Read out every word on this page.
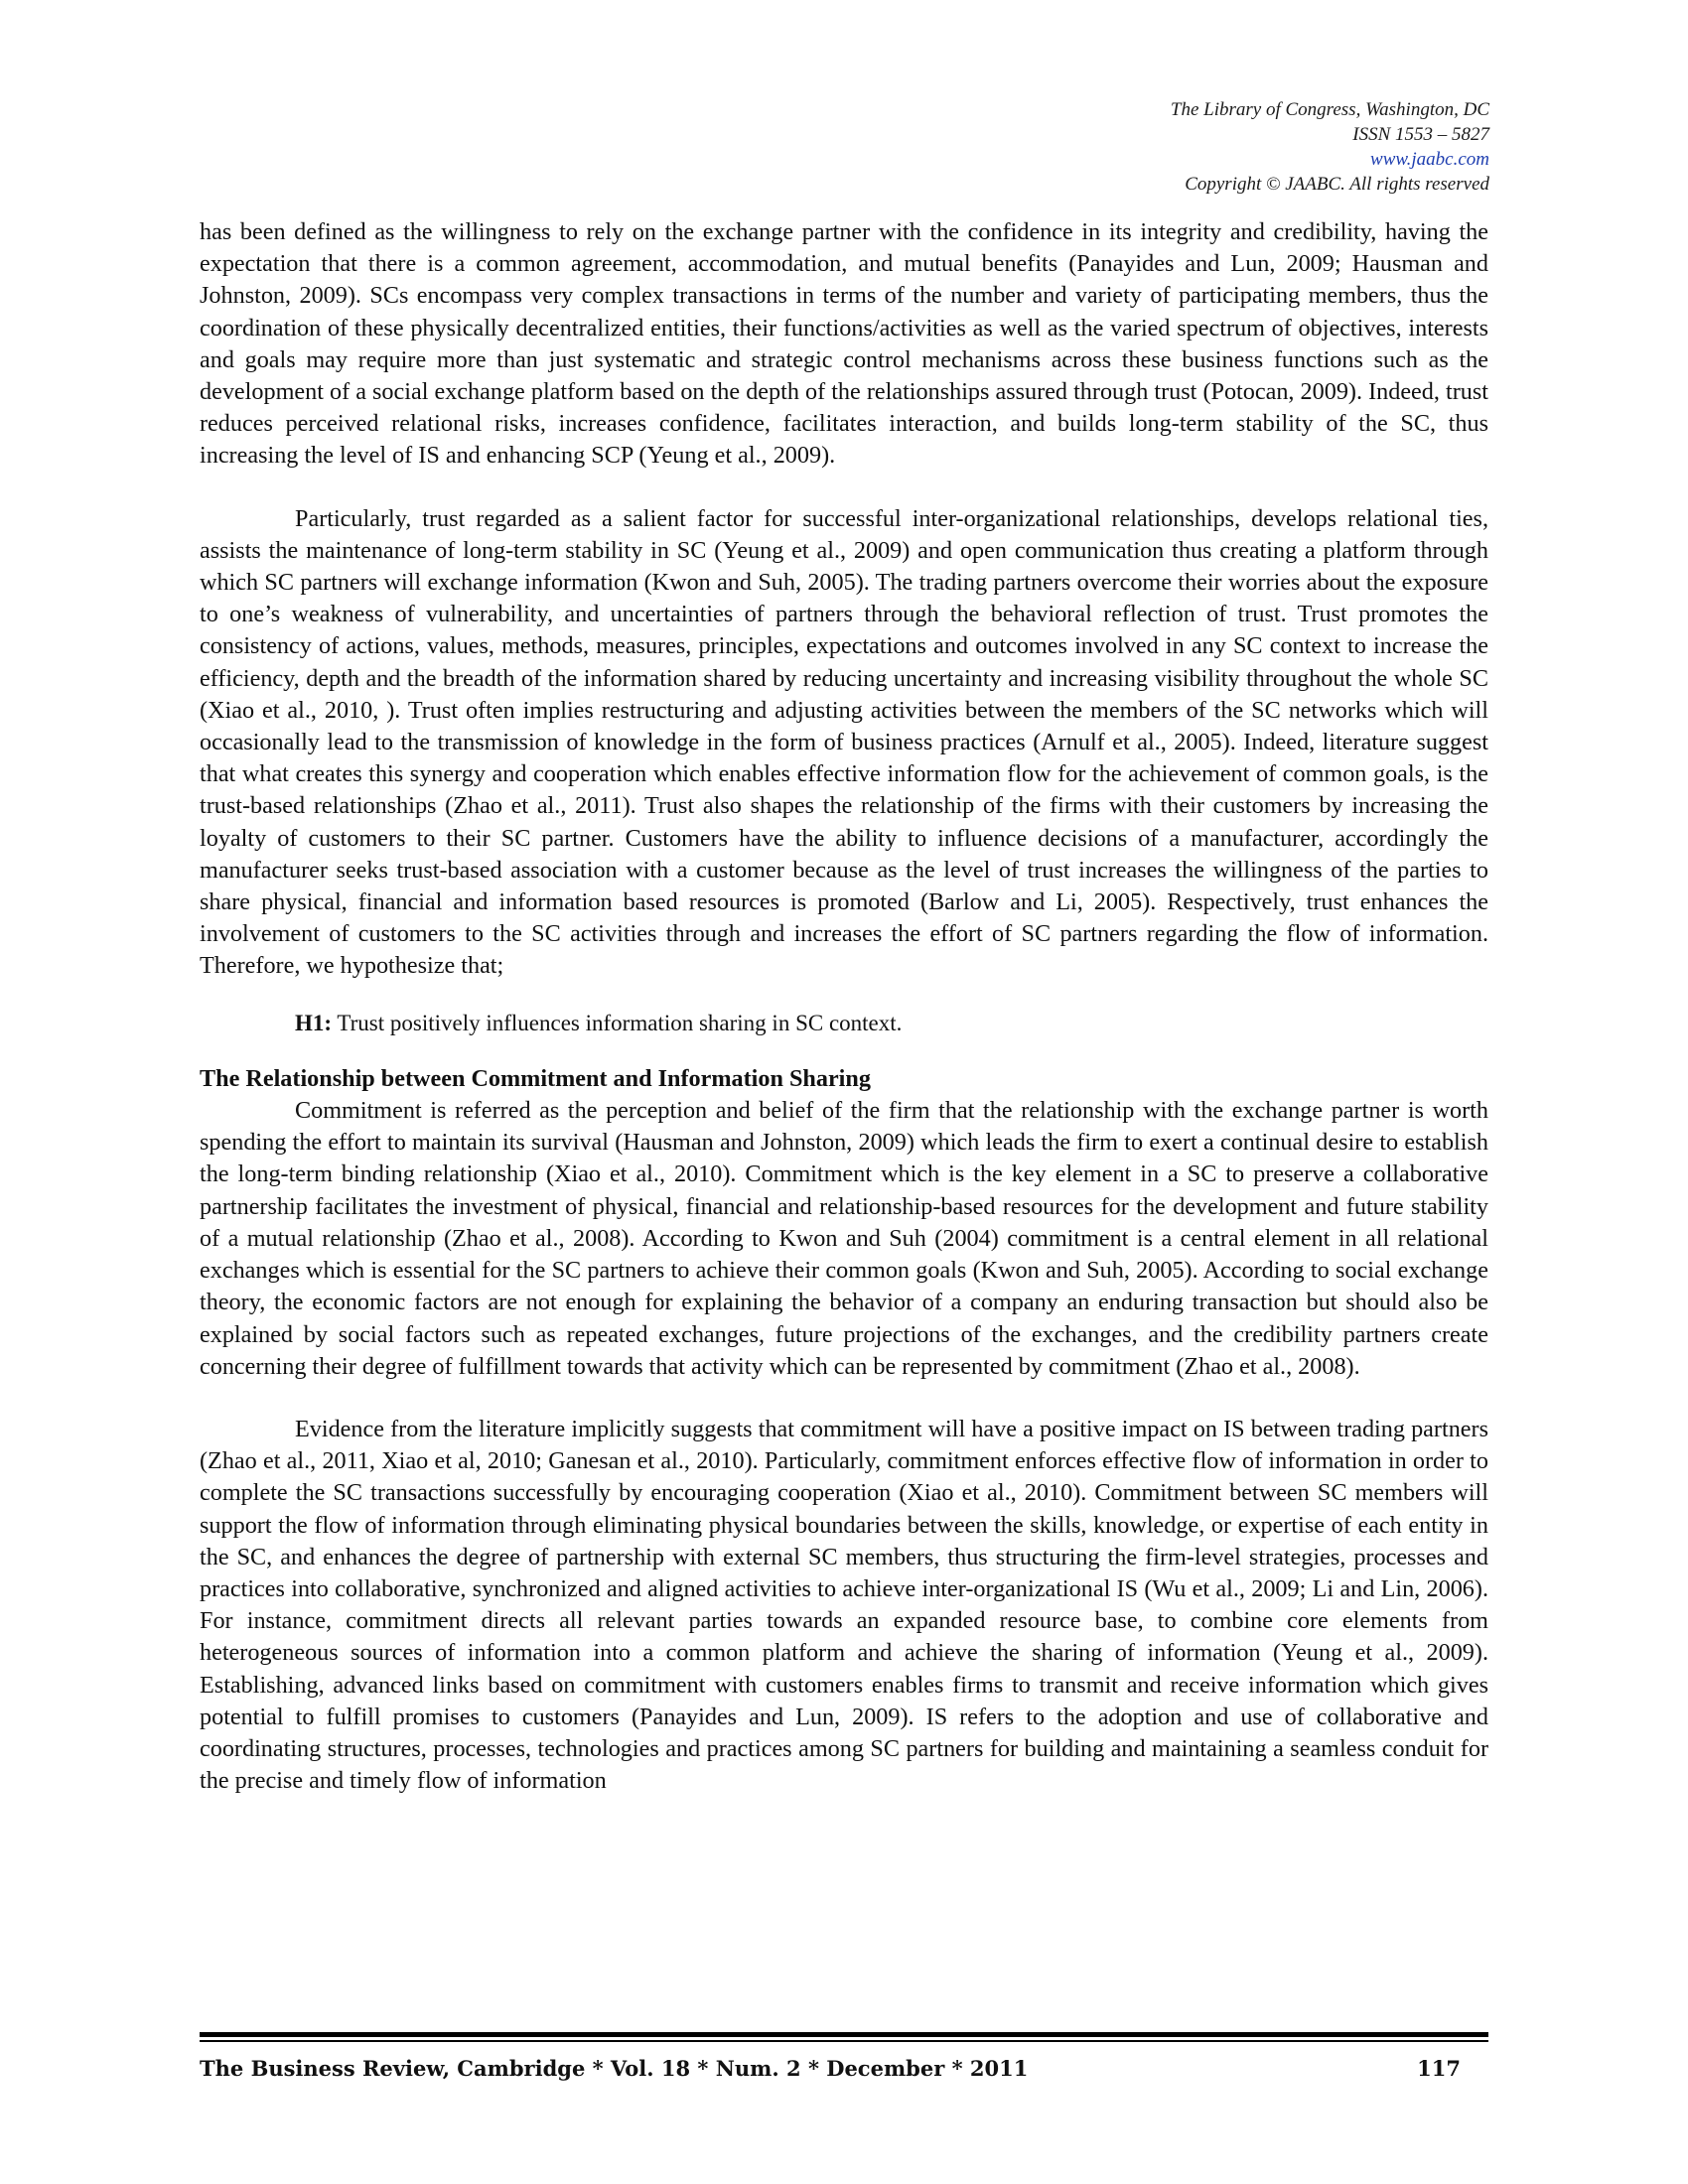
The Library of Congress, Washington, DC
ISSN 1553 – 5827
www.jaabc.com
Copyright © JAABC. All rights reserved

has been defined as the willingness to rely on the exchange partner with the confidence in its integrity and credibility, having the expectation that there is a common agreement, accommodation, and mutual benefits (Panayides and Lun, 2009; Hausman and Johnston, 2009). SCs encompass very complex transactions in terms of the number and variety of participating members, thus the coordination of these physically decentralized entities, their functions/activities as well as the varied spectrum of objectives, interests and goals may require more than just systematic and strategic control mechanisms across these business functions such as the development of a social exchange platform based on the depth of the relationships assured through trust (Potocan, 2009). Indeed, trust reduces perceived relational risks, increases confidence, facilitates interaction, and builds long-term stability of the SC, thus increasing the level of IS and enhancing SCP (Yeung et al., 2009).

Particularly, trust regarded as a salient factor for successful inter-organizational relationships, develops relational ties, assists the maintenance of long-term stability in SC (Yeung et al., 2009) and open communication thus creating a platform through which SC partners will exchange information (Kwon and Suh, 2005). The trading partners overcome their worries about the exposure to one’s weakness of vulnerability, and uncertainties of partners through the behavioral reflection of trust. Trust promotes the consistency of actions, values, methods, measures, principles, expectations and outcomes involved in any SC context to increase the efficiency, depth and the breadth of the information shared by reducing uncertainty and increasing visibility throughout the whole SC (Xiao et al., 2010, ). Trust often implies restructuring and adjusting activities between the members of the SC networks which will occasionally lead to the transmission of knowledge in the form of business practices (Arnulf et al., 2005). Indeed, literature suggest that what creates this synergy and cooperation which enables effective information flow for the achievement of common goals, is the trust-based relationships (Zhao et al., 2011). Trust also shapes the relationship of the firms with their customers by increasing the loyalty of customers to their SC partner. Customers have the ability to influence decisions of a manufacturer, accordingly the manufacturer seeks trust-based association with a customer because as the level of trust increases the willingness of the parties to share physical, financial and information based resources is promoted (Barlow and Li, 2005). Respectively, trust enhances the involvement of customers to the SC activities through and increases the effort of SC partners regarding the flow of information. Therefore, we hypothesize that;

H1: Trust positively influences information sharing in SC context.
The Relationship between Commitment and Information Sharing

Commitment is referred as the perception and belief of the firm that the relationship with the exchange partner is worth spending the effort to maintain its survival (Hausman and Johnston, 2009) which leads the firm to exert a continual desire to establish the long-term binding relationship (Xiao et al., 2010). Commitment which is the key element in a SC to preserve a collaborative partnership facilitates the investment of physical, financial and relationship-based resources for the development and future stability of a mutual relationship (Zhao et al., 2008). According to Kwon and Suh (2004) commitment is a central element in all relational exchanges which is essential for the SC partners to achieve their common goals (Kwon and Suh, 2005). According to social exchange theory, the economic factors are not enough for explaining the behavior of a company an enduring transaction but should also be explained by social factors such as repeated exchanges, future projections of the exchanges, and the credibility partners create concerning their degree of fulfillment towards that activity which can be represented by commitment (Zhao et al., 2008).

Evidence from the literature implicitly suggests that commitment will have a positive impact on IS between trading partners (Zhao et al., 2011, Xiao et al, 2010; Ganesan et al., 2010). Particularly, commitment enforces effective flow of information in order to complete the SC transactions successfully by encouraging cooperation (Xiao et al., 2010). Commitment between SC members will support the flow of information through eliminating physical boundaries between the skills, knowledge, or expertise of each entity in the SC, and enhances the degree of partnership with external SC members, thus structuring the firm-level strategies, processes and practices into collaborative, synchronized and aligned activities to achieve inter-organizational IS (Wu et al., 2009; Li and Lin, 2006). For instance, commitment directs all relevant parties towards an expanded resource base, to combine core elements from heterogeneous sources of information into a common platform and achieve the sharing of information (Yeung et al., 2009). Establishing, advanced links based on commitment with customers enables firms to transmit and receive information which gives potential to fulfill promises to customers (Panayides and Lun, 2009). IS refers to the adoption and use of collaborative and coordinating structures, processes, technologies and practices among SC partners for building and maintaining a seamless conduit for the precise and timely flow of information

The Business Review, Cambridge * Vol. 18 * Num. 2 * December * 2011	117
